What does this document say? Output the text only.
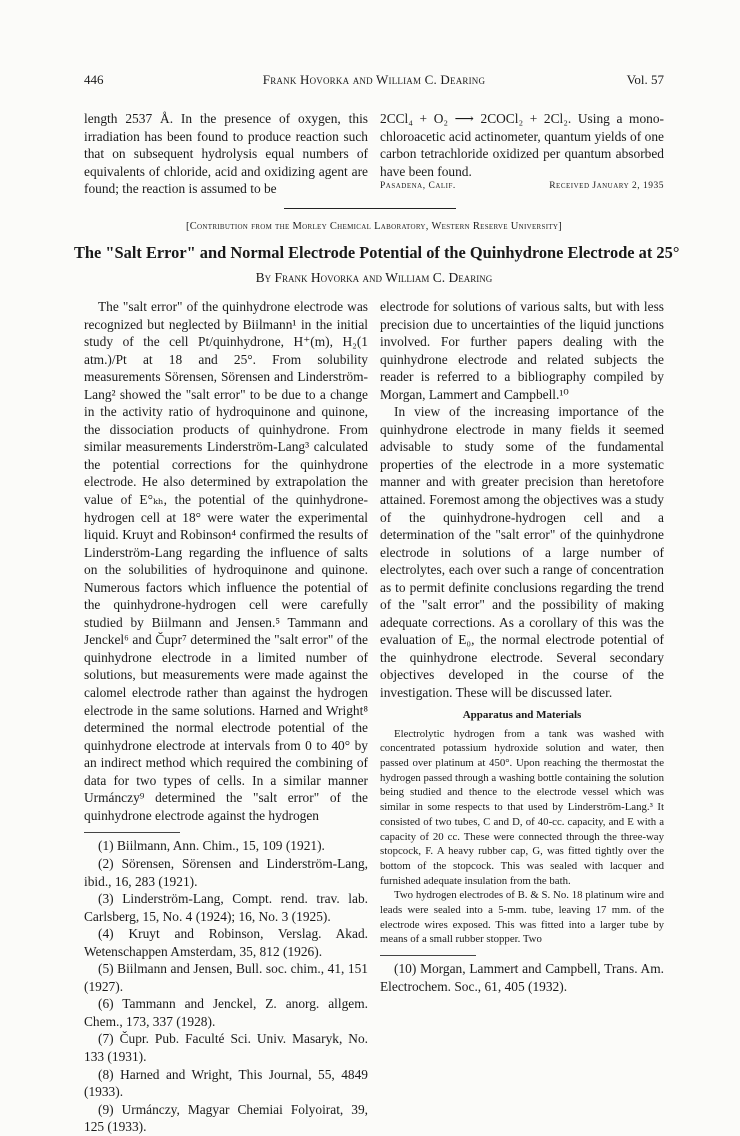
446	Frank Hovorka and William C. Dearing	Vol. 57

length 2537 Å. In the presence of oxygen, this irradiation has been found to produce reaction such that on subsequent hydrolysis equal numbers of equivalents of chloride, acid and oxidizing agent are found; the reaction is assumed to be

2CCl₄ + O₂ ⟶ 2COCl₂ + 2Cl₂. Using a mono-chloroacetic acid actinometer, quantum yields of one carbon tetrachloride oxidized per quantum absorbed have been found.

Pasadena, Calif.	Received January 2, 1935
[Contribution from the Morley Chemical Laboratory, Western Reserve University]
The "Salt Error" and Normal Electrode Potential of the Quinhydrone Electrode at 25°
By Frank Hovorka and William C. Dearing

The "salt error" of the quinhydrone electrode was recognized but neglected by Biilmann¹ in the initial study of the cell Pt/quinhydrone, H⁺(m), H₂(1 atm.)/Pt at 18 and 25°. From solubility measurements Sörensen, Sörensen and Linderström-Lang² showed the "salt error" to be due to a change in the activity ratio of hydroquinone and quinone, the dissociation products of quinhydrone. From similar measurements Linderström-Lang³ calculated the potential corrections for the quinhydrone electrode. He also determined by extrapolation the value of E°ₖₕ, the potential of the quinhydrone-hydrogen cell at 18° were water the experimental liquid. Kruyt and Robinson⁴ confirmed the results of Linderström-Lang regarding the influence of salts on the solubilities of hydroquinone and quinone. Numerous factors which influence the potential of the quinhydrone-hydrogen cell were carefully studied by Biilmann and Jensen.⁵ Tammann and Jenckel⁶ and Čupr⁷ determined the "salt error" of the quinhydrone electrode in a limited number of solutions, but measurements were made against the calomel electrode rather than against the hydrogen electrode in the same solutions. Harned and Wright⁸ determined the normal electrode potential of the quinhydrone electrode at intervals from 0 to 40° by an indirect method which required the combining of data for two types of cells. In a similar manner Urmánczy⁹ determined the "salt error" of the quinhydrone electrode against the hydrogen

(1) Biilmann, Ann. Chim., 15, 109 (1921).

(2) Sörensen, Sörensen and Linderström-Lang, ibid., 16, 283 (1921).

(3) Linderström-Lang, Compt. rend. trav. lab. Carlsberg, 15, No. 4 (1924); 16, No. 3 (1925).

(4) Kruyt and Robinson, Verslag. Akad. Wetenschappen Amsterdam, 35, 812 (1926).

(5) Biilmann and Jensen, Bull. soc. chim., 41, 151 (1927).

(6) Tammann and Jenckel, Z. anorg. allgem. Chem., 173, 337 (1928).

(7) Čupr. Pub. Faculté Sci. Univ. Masaryk, No. 133 (1931).

(8) Harned and Wright, This Journal, 55, 4849 (1933).

(9) Urmánczy, Magyar Chemiai Folyoirat, 39, 125 (1933).

electrode for solutions of various salts, but with less precision due to uncertainties of the liquid junctions involved. For further papers dealing with the quinhydrone electrode and related subjects the reader is referred to a bibliography compiled by Morgan, Lammert and Campbell.¹⁰

In view of the increasing importance of the quinhydrone electrode in many fields it seemed advisable to study some of the fundamental properties of the electrode in a more systematic manner and with greater precision than heretofore attained. Foremost among the objectives was a study of the quinhydrone-hydrogen cell and a determination of the "salt error" of the quinhydrone electrode in solutions of a large number of electrolytes, each over such a range of concentration as to permit definite conclusions regarding the trend of the "salt error" and the possibility of making adequate corrections. As a corollary of this was the evaluation of E₀, the normal electrode potential of the quinhydrone electrode. Several secondary objectives developed in the course of the investigation. These will be discussed later.

Apparatus and Materials

Electrolytic hydrogen from a tank was washed with concentrated potassium hydroxide solution and water, then passed over platinum at 450°. Upon reaching the thermostat the hydrogen passed through a washing bottle containing the solution being studied and thence to the electrode vessel which was similar in some respects to that used by Linderström-Lang.³ It consisted of two tubes, C and D, of 40-cc. capacity, and E with a capacity of 20 cc. These were connected through the three-way stopcock, F. A heavy rubber cap, G, was fitted tightly over the bottom of the stopcock. This was sealed with lacquer and furnished adequate insulation from the bath.

Two hydrogen electrodes of B. & S. No. 18 platinum wire and leads were sealed into a 5-mm. tube, leaving 17 mm. of the electrode wires exposed. This was fitted into a larger tube by means of a small rubber stopper. Two

(10) Morgan, Lammert and Campbell, Trans. Am. Electrochem. Soc., 61, 405 (1932).
